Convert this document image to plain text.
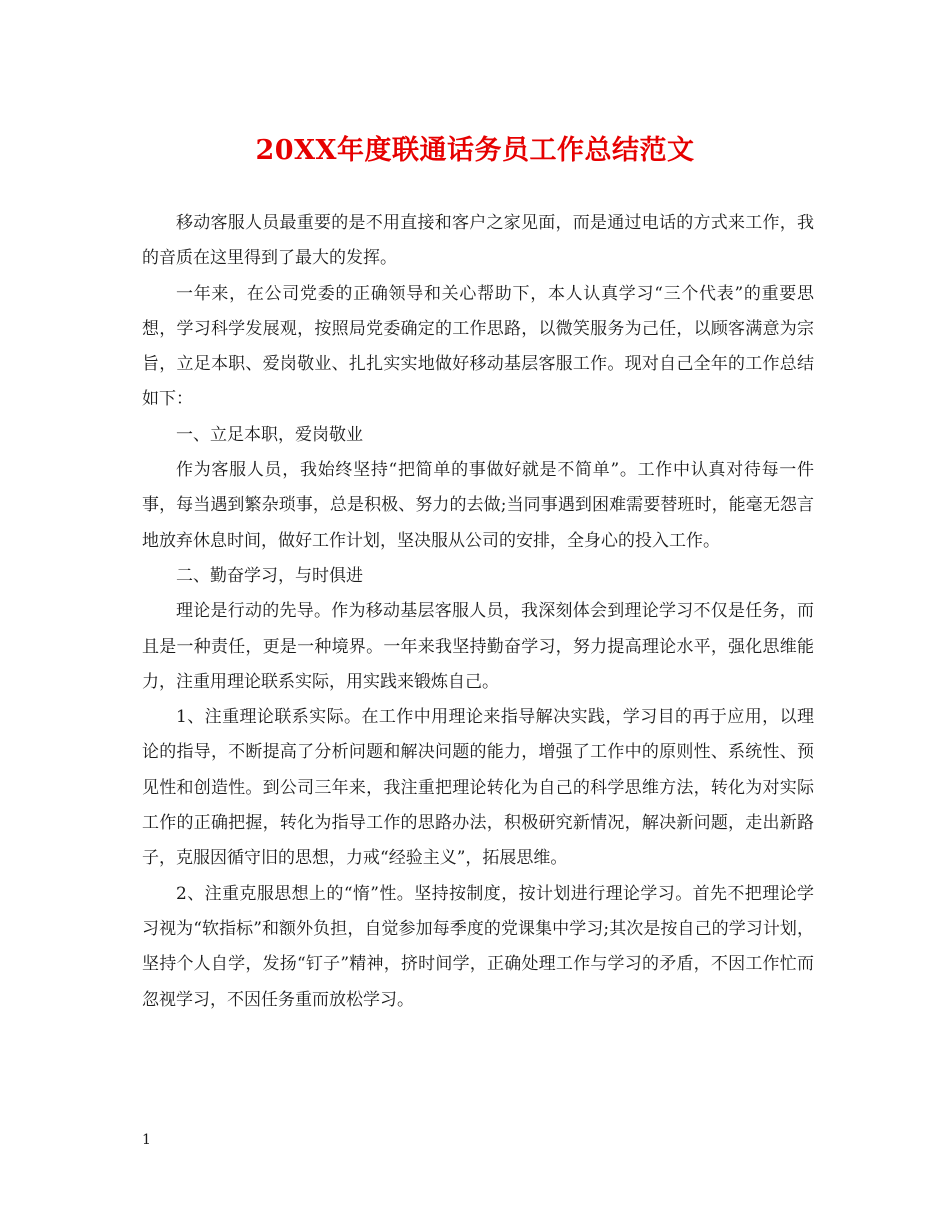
20XX年度联通话务员工作总结范文

移动客服人员最重要的是不用直接和客户之家见面，而是通过电话的方式来工作，我的音质在这里得到了最大的发挥。

一年来，在公司党委的正确领导和关心帮助下，本人认真学习“三个代表”的重要思想，学习科学发展观，按照局党委确定的工作思路，以微笑服务为己任，以顾客满意为宗旨，立足本职、爱岗敬业、扎扎实实地做好移动基层客服工作。现对自己全年的工作总结如下：

一、立足本职，爱岗敬业

作为客服人员，我始终坚持“把简单的事做好就是不简单”。工作中认真对待每一件事，每当遇到繁杂琐事，总是积极、努力的去做;当同事遇到困难需要替班时，能毫无怨言地放弃休息时间，做好工作计划，坚决服从公司的安排，全身心的投入工作。

二、勤奋学习，与时俱进

理论是行动的先导。作为移动基层客服人员，我深刻体会到理论学习不仅是任务，而且是一种责任，更是一种境界。一年来我坚持勤奋学习，努力提高理论水平，强化思维能力，注重用理论联系实际，用实践来锻炼自己。

1、注重理论联系实际。在工作中用理论来指导解决实践，学习目的再于应用，以理论的指导，不断提高了分析问题和解决问题的能力，增强了工作中的原则性、系统性、预见性和创造性。到公司三年来，我注重把理论转化为自己的科学思维方法，转化为对实际工作的正确把握，转化为指导工作的思路办法，积极研究新情况，解决新问题，走出新路子，克服因循守旧的思想，力戒“经验主义”，拓展思维。

2、注重克服思想上的“惰”性。坚持按制度，按计划进行理论学习。首先不把理论学习视为“软指标”和额外负担，自觉参加每季度的党课集中学习;其次是按自己的学习计划，坚持个人自学，发扬“钉子”精神，挤时间学，正确处理工作与学习的矛盾，不因工作忙而忽视学习，不因任务重而放松学习。

1
